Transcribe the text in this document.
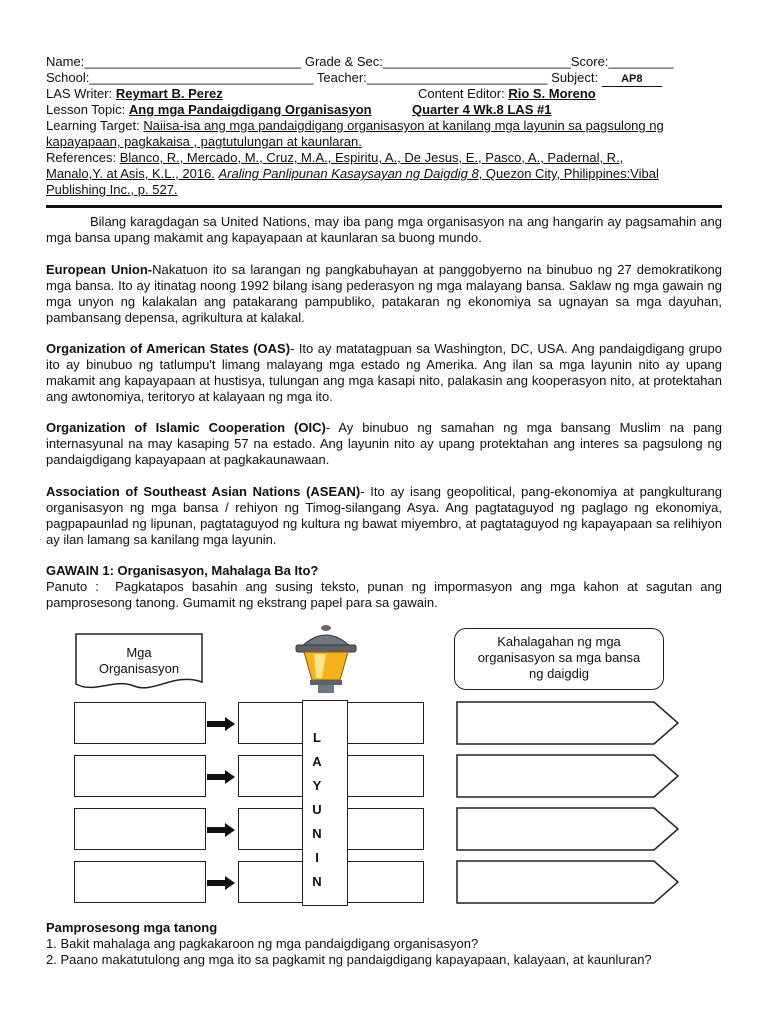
Name:______________________________ Grade & Sec:__________________________Score:_________
School:_______________________________ Teacher:_________________________ Subject: AP8
LAS Writer: Reymart B. Perez	Content Editor: Rio S. Moreno
Lesson Topic: Ang mga Pandaigdigang Organisasyon	Quarter 4 Wk.8 LAS #1
Learning Target: Naiisa-isa ang mga pandaigdigang organisasyon at kanilang mga layunin sa pagsulong ng
kapayapaan, pagkakaisa , pagtutulungan at kaunlaran.
References: Blanco, R., Mercado, M., Cruz, M.A., Espiritu, A., De Jesus, E., Pasco, A., Padernal, R.,
Manalo,Y. at Asis, K.L., 2016. Araling Panlipunan Kasaysayan ng Daigdig 8, Quezon City, Philippines:Vibal
Publishing Inc., p. 527.
Bilang karagdagan sa United Nations, may iba pang mga organisasyon na ang hangarin ay pagsamahin ang mga bansa upang makamit ang kapayapaan at kaunlaran sa buong mundo.
European Union-Nakatuon ito sa larangan ng pangkabuhayan at panggobyerno na binubuo ng 27 demokratikong mga bansa. Ito ay itinatag noong 1992 bilang isang pederasyon ng mga malayang bansa. Saklaw ng mga gawain ng mga unyon ng kalakalan ang patakarang pampubliko, patakaran ng ekonomiya sa ugnayan sa mga dayuhan, pambansang depensa, agrikultura at kalakal.
Organization of American States (OAS)- Ito ay matatagpuan sa Washington, DC, USA. Ang pandaigdigang grupo ito ay binubuo ng tatlumpu't limang malayang mga estado ng Amerika. Ang ilan sa mga layunin nito ay upang makamit ang kapayapaan at hustisya, tulungan ang mga kasapi nito, palakasin ang kooperasyon nito, at protektahan ang awtonomiya, teritoryo at kalayaan ng mga ito.
Organization of Islamic Cooperation (OIC)- Ay binubuo ng samahan ng mga bansang Muslim na pang internasyunal na may kasaping 57 na estado. Ang layunin nito ay upang protektahan ang interes sa pagsulong ng pandaigdigang kapayapaan at pagkakaunawaan.
Association of Southeast Asian Nations (ASEAN)- Ito ay isang geopolitical, pang-ekonomiya at pangkulturang organisasyon ng mga bansa / rehiyon ng Timog-silangang Asya. Ang pagtataguyod ng paglago ng ekonomiya, pagpapaunlad ng lipunan, pagtataguyod ng kultura ng bawat miyembro, at pagtataguyod ng kapayapaan sa relihiyon ay ilan lamang sa kanilang mga layunin.
GAWAIN 1: Organisasyon, Mahalaga Ba Ito?
Panuto : Pagkatapos basahin ang susing teksto, punan ng impormasyon ang mga kahon at sagutan ang pamprosesong tanong. Gumamit ng ekstrang papel para sa gawain.
Mga
Organisasyon
Kahalagahan ng mga
organisasyon sa mga bansa
ng daigdig
L
A
Y
U
N
I
N
Pamprosesong mga tanong
1. Bakit mahalaga ang pagkakaroon ng mga pandaigdigang organisasyon?
2. Paano makatutulong ang mga ito sa pagkamit ng pandaigdigang kapayapaan, kalayaan, at kaunluran?
